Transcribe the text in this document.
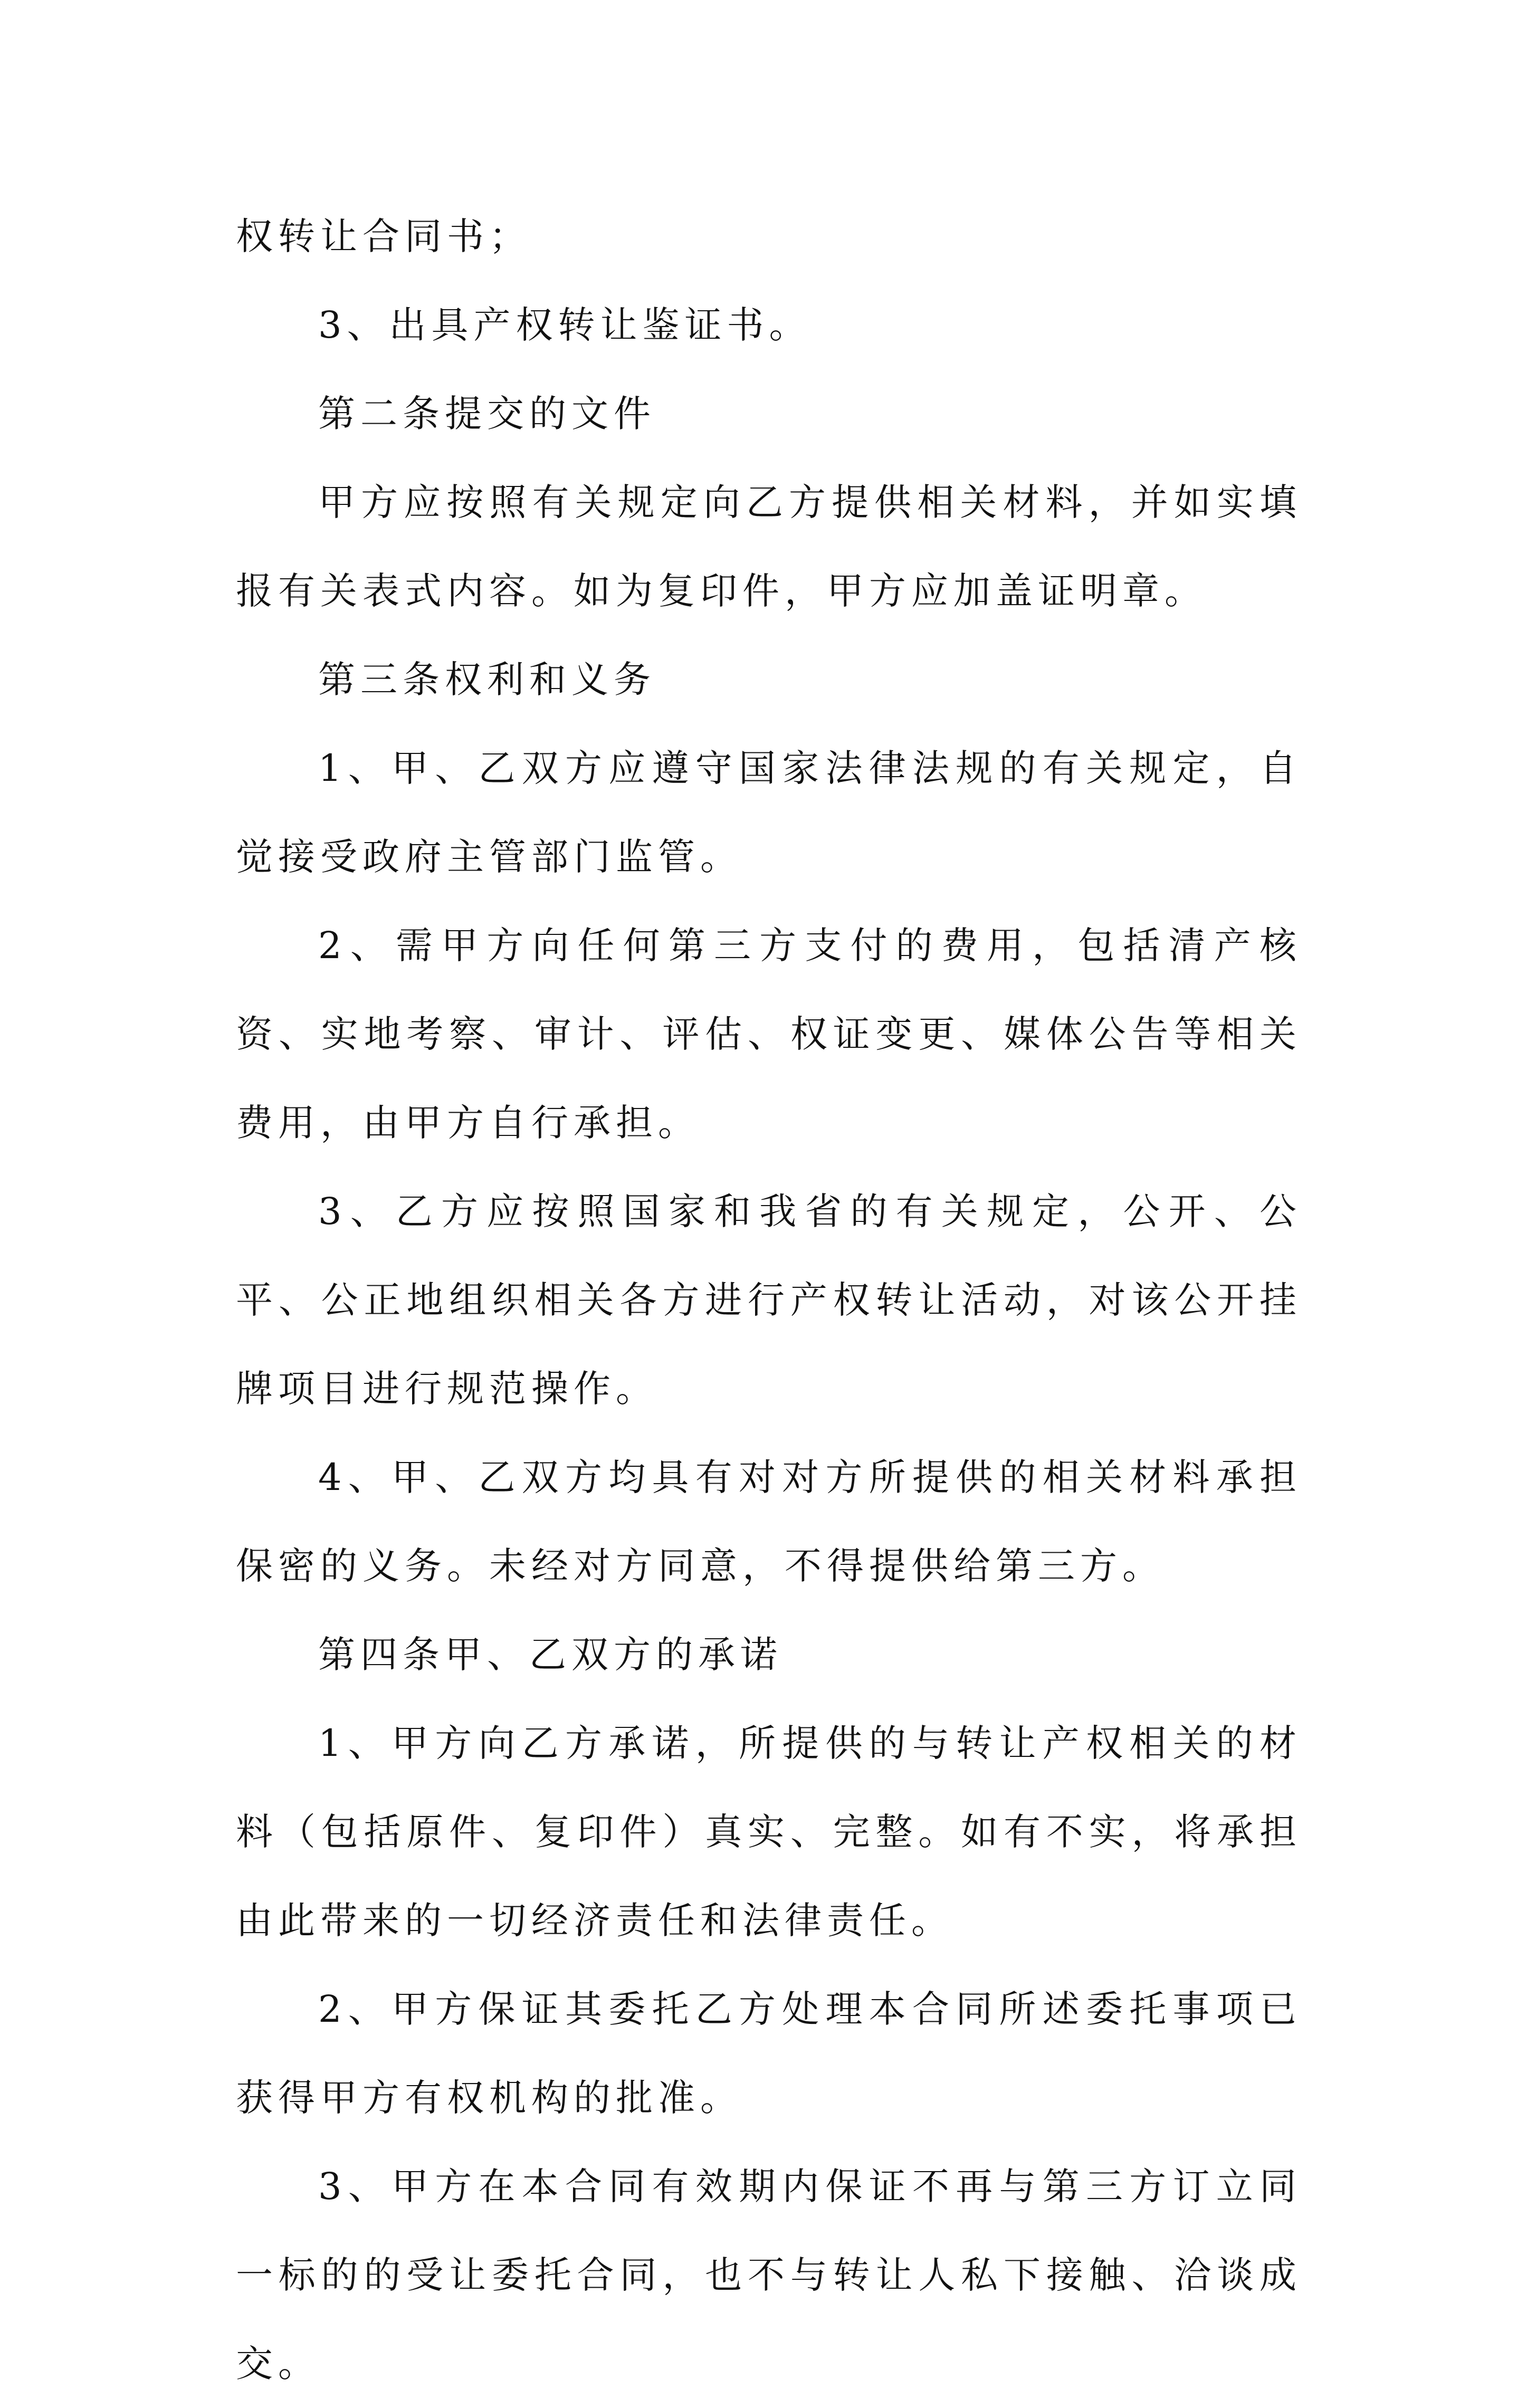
权转让合同书；

3、出具产权转让鉴证书。

第二条提交的文件

甲方应按照有关规定向乙方提供相关材料，并如实填报有关表式内容。如为复印件，甲方应加盖证明章。

第三条权利和义务

1、甲、乙双方应遵守国家法律法规的有关规定，自觉接受政府主管部门监管。

2、需甲方向任何第三方支付的费用，包括清产核资、实地考察、审计、评估、权证变更、媒体公告等相关费用，由甲方自行承担。

3、乙方应按照国家和我省的有关规定，公开、公平、公正地组织相关各方进行产权转让活动，对该公开挂牌项目进行规范操作。

4、甲、乙双方均具有对对方所提供的相关材料承担保密的义务。未经对方同意，不得提供给第三方。

第四条甲、乙双方的承诺

1、甲方向乙方承诺，所提供的与转让产权相关的材料（包括原件、复印件）真实、完整。如有不实，将承担由此带来的一切经济责任和法律责任。

2、甲方保证其委托乙方处理本合同所述委托事项已获得甲方有权机构的批准。

3、甲方在本合同有效期内保证不再与第三方订立同一标的的受让委托合同，也不与转让人私下接触、洽谈成交。
